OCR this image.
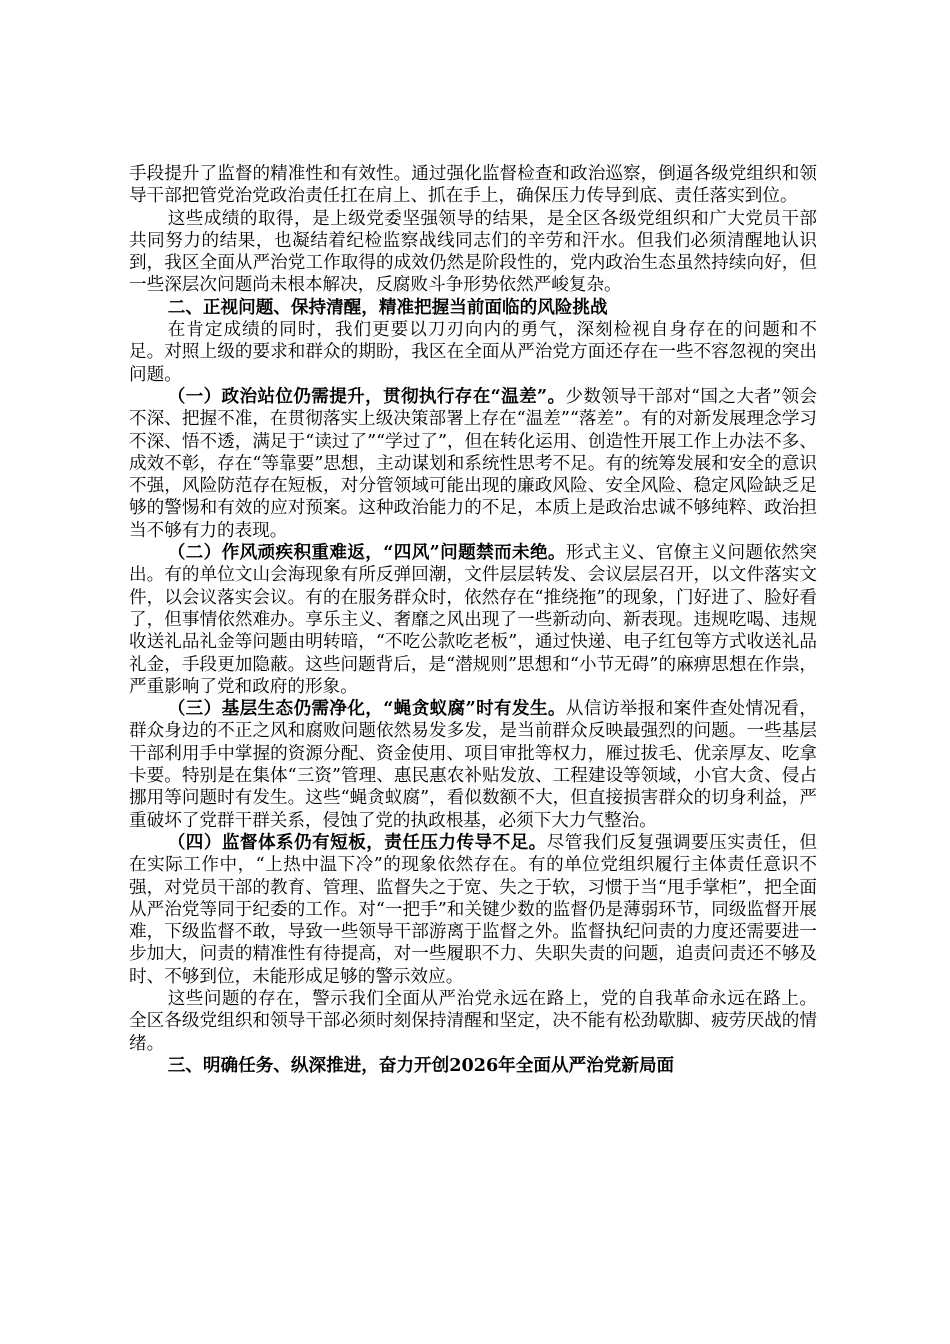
手段提升了监督的精准性和有效性。通过强化监督检查和政治巡察，倒逼各级党组织和领导干部把管党治党政治责任扛在肩上、抓在手上，确保压力传导到底、责任落实到位。

这些成绩的取得，是上级党委坚强领导的结果，是全区各级党组织和广大党员干部共同努力的结果，也凝结着纪检监察战线同志们的辛劳和汗水。但我们必须清醒地认识到，我区全面从严治党工作取得的成效仍然是阶段性的，党内政治生态虽然持续向好，但一些深层次问题尚未根本解决，反腐败斗争形势依然严峻复杂。

二、正视问题、保持清醒，精准把握当前面临的风险挑战

在肯定成绩的同时，我们更要以刀刃向内的勇气，深刻检视自身存在的问题和不足。对照上级的要求和群众的期盼，我区在全面从严治党方面还存在一些不容忽视的突出问题。

（一）政治站位仍需提升，贯彻执行存在“温差”。少数领导干部对“国之大者”领会不深、把握不准，在贯彻落实上级决策部署上存在“温差”“落差”。有的对新发展理念学习不深、悟不透，满足于“读过了”“学过了”，但在转化运用、创造性开展工作上办法不多、成效不彰，存在“等靠要”思想，主动谋划和系统性思考不足。有的统筹发展和安全的意识不强，风险防范存在短板，对分管领域可能出现的廉政风险、安全风险、稳定风险缺乏足够的警惕和有效的应对预案。这种政治能力的不足，本质上是政治忠诚不够纯粹、政治担当不够有力的表现。

（二）作风顽疾积重难返，“四风”问题禁而未绝。形式主义、官僚主义问题依然突出。有的单位文山会海现象有所反弹回潮，文件层层转发、会议层层召开，以文件落实文件，以会议落实会议。有的在服务群众时，依然存在“推绕拖”的现象，门好进了、脸好看了，但事情依然难办。享乐主义、奢靡之风出现了一些新动向、新表现。违规吃喝、违规收送礼品礼金等问题由明转暗，“不吃公款吃老板”，通过快递、电子红包等方式收送礼品礼金，手段更加隐蔽。这些问题背后，是“潜规则”思想和“小节无碍”的麻痹思想在作祟，严重影响了党和政府的形象。

（三）基层生态仍需净化，“蝇贪蚁腐”时有发生。从信访举报和案件查处情况看，群众身边的不正之风和腐败问题依然易发多发，是当前群众反映最强烈的问题。一些基层干部利用手中掌握的资源分配、资金使用、项目审批等权力，雁过拔毛、优亲厚友、吃拿卡要。特别是在集体“三资”管理、惠民惠农补贴发放、工程建设等领域，小官大贪、侵占挪用等问题时有发生。这些“蝇贪蚁腐”，看似数额不大，但直接损害群众的切身利益，严重破坏了党群干群关系，侵蚀了党的执政根基，必须下大力气整治。

（四）监督体系仍有短板，责任压力传导不足。尽管我们反复强调要压实责任，但在实际工作中，“上热中温下冷”的现象依然存在。有的单位党组织履行主体责任意识不强，对党员干部的教育、管理、监督失之于宽、失之于软，习惯于当“甩手掌柜”，把全面从严治党等同于纪委的工作。对“一把手”和关键少数的监督仍是薄弱环节，同级监督开展难，下级监督不敢，导致一些领导干部游离于监督之外。监督执纪问责的力度还需要进一步加大，问责的精准性有待提高，对一些履职不力、失职失责的问题，追责问责还不够及时、不够到位，未能形成足够的警示效应。

这些问题的存在，警示我们全面从严治党永远在路上，党的自我革命永远在路上。全区各级党组织和领导干部必须时刻保持清醒和坚定，决不能有松劲歇脚、疲劳厌战的情绪。

三、明确任务、纵深推进，奋力开创2026年全面从严治党新局面
